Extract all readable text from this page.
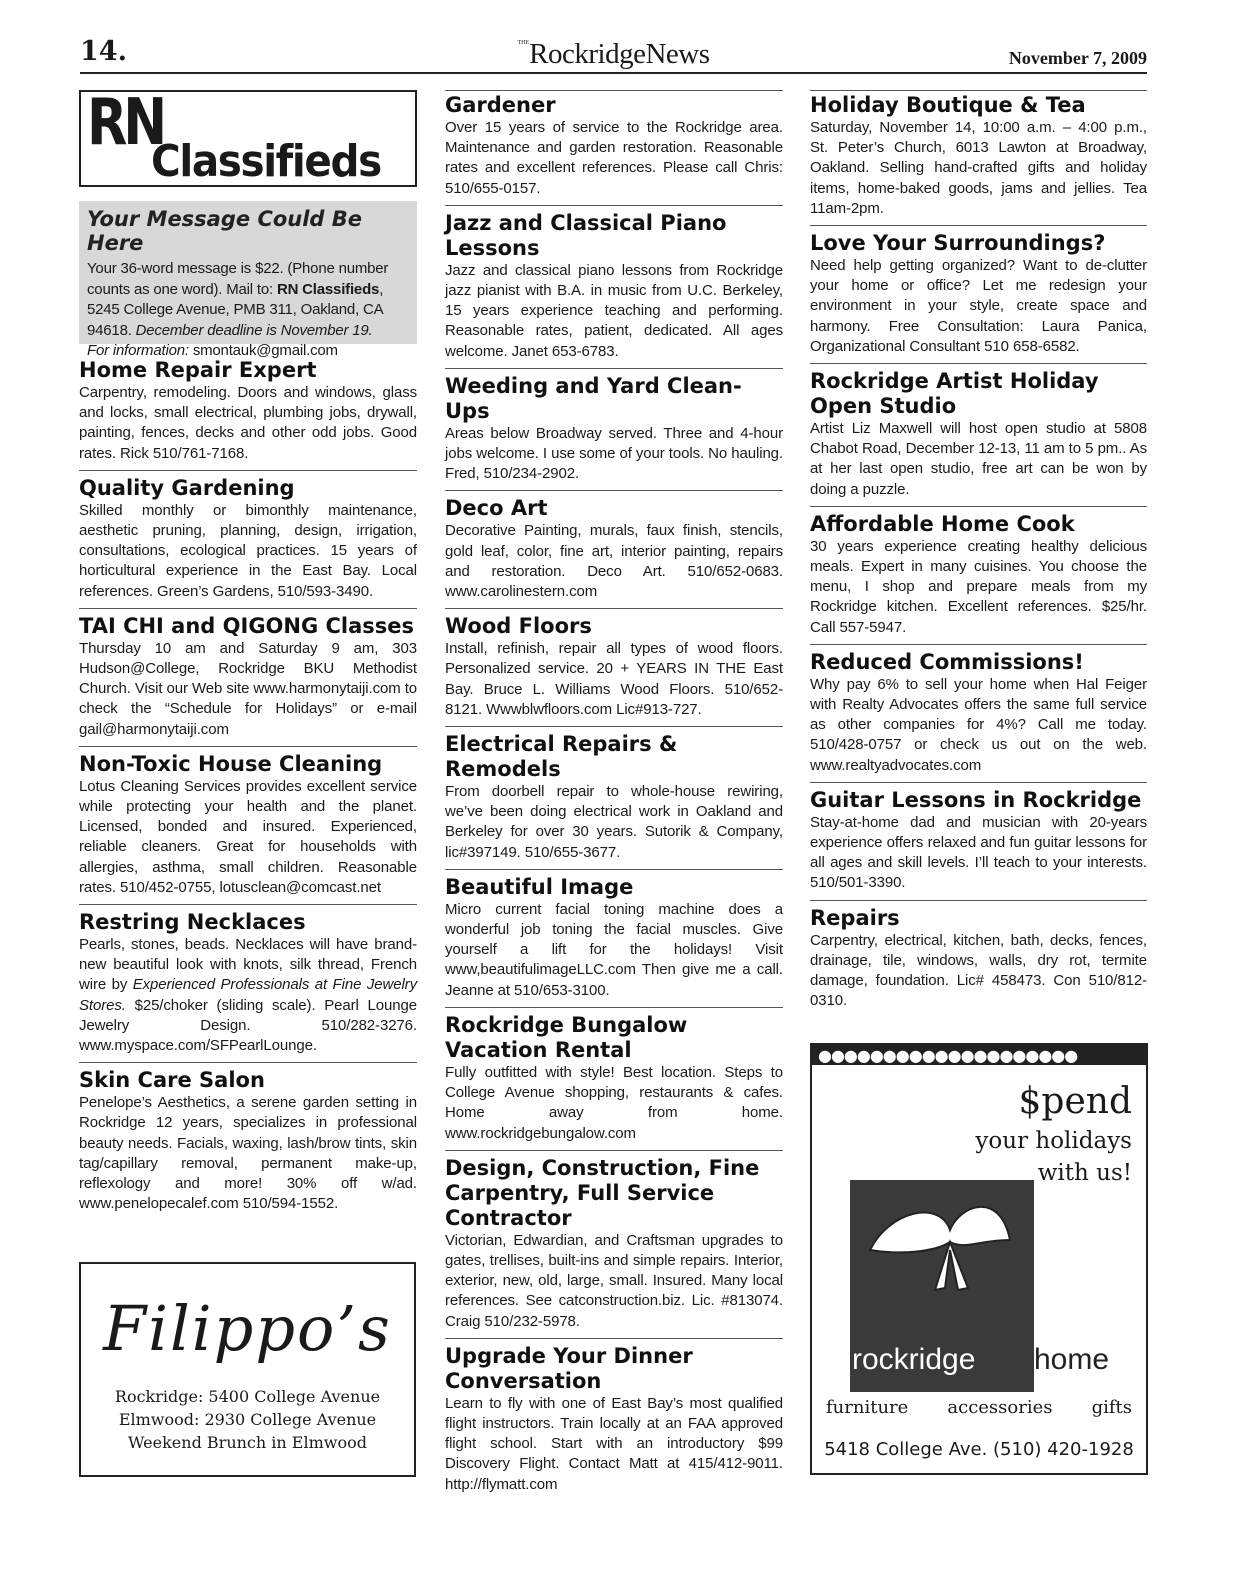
14.	$^{THE}$RockridgeNews	November 7, 2009
RN
Classifieds
Your Message Could Be Here
Your 36-word message is $22. (Phone number counts as one word). Mail to: RN Classifieds, 5245 College Avenue, PMB 311, Oakland, CA 94618. December deadline is November 19.
For information: smontauk@gmail.com
Home Repair Expert
Carpentry, remodeling. Doors and windows, glass and locks, small electrical, plumbing jobs, drywall, painting, fences, decks and other odd jobs. Good rates. Rick 510/761-7168.
Quality Gardening
Skilled monthly or bimonthly maintenance, aesthetic pruning, planning, design, irrigation, consultations, ecological practices. 15 years of horticultural experience in the East Bay. Local references. Green’s Gardens, 510/593-3490.
TAI CHI and QIGONG Classes
Thursday 10 am and Saturday 9 am, 303 Hudson@College, Rockridge BKU Methodist Church. Visit our Web site www.harmonytaiji.com to check the “Schedule for Holidays” or e-mail gail@harmonytaiji.com
Non-Toxic House Cleaning
Lotus Cleaning Services provides excellent service while protecting your health and the planet. Licensed, bonded and insured. Experienced, reliable cleaners. Great for households with allergies, asthma, small children. Reasonable rates. 510/452-0755, lotusclean@comcast.net
Restring Necklaces
Pearls, stones, beads. Necklaces will have brand-new beautiful look with knots, silk thread, French wire by Experienced Professionals at Fine Jewelry Stores. $25/choker (sliding scale). Pearl Lounge Jewelry Design. 510/282-3276. www.myspace.com/SFPearlLounge.
Skin Care Salon
Penelope’s Aesthetics, a serene garden setting in Rockridge 12 years, specializes in professional beauty needs. Facials, waxing, lash/brow tints, skin tag/capillary removal, permanent make-up, reflexology and more! 30% off w/ad. www.penelopecalef.com 510/594-1552.
Filippo’s
Rockridge: 5400 College Avenue
Elmwood: 2930 College Avenue
Weekend Brunch in Elmwood
Gardener
Over 15 years of service to the Rockridge area. Maintenance and garden restoration. Reasonable rates and excellent references. Please call Chris: 510/655-0157.
Jazz and Classical Piano Lessons
Jazz and classical piano lessons from Rockridge jazz pianist with B.A. in music from U.C. Berkeley, 15 years experience teaching and performing. Reasonable rates, patient, dedicated. All ages welcome. Janet 653-6783.
Weeding and Yard Clean-Ups
Areas below Broadway served. Three and 4-hour jobs welcome. I use some of your tools. No hauling. Fred, 510/234-2902.
Deco Art
Decorative Painting, murals, faux finish, stencils, gold leaf, color, fine art, interior painting, repairs and restoration. Deco Art. 510/652-0683. www.carolinestern.com
Wood Floors
Install, refinish, repair all types of wood floors. Personalized service. 20 + YEARS IN THE East Bay. Bruce L. Williams Wood Floors. 510/652-8121. Wwwblwfloors.com Lic#913-727.
Electrical Repairs & Remodels
From doorbell repair to whole-house rewiring, we’ve been doing electrical work in Oakland and Berkeley for over 30 years. Sutorik & Company, lic#397149. 510/655-3677.
Beautiful Image
Micro current facial toning machine does a wonderful job toning the facial muscles. Give yourself a lift for the holidays! Visit www,beautifulimageLLC.com Then give me a call. Jeanne at 510/653-3100.
Rockridge Bungalow Vacation Rental
Fully outfitted with style! Best location. Steps to College Avenue shopping, restaurants & cafes. Home away from home. www.rockridgebungalow.com
Design, Construction, Fine Carpentry, Full Service Contractor
Victorian, Edwardian, and Craftsman upgrades to gates, trellises, built-ins and simple repairs. Interior, exterior, new, old, large, small. Insured. Many local references. See catconstruction.biz. Lic. #813074. Craig 510/232-5978.
Upgrade Your Dinner Conversation
Learn to fly with one of East Bay’s most qualified flight instructors. Train locally at an FAA approved flight school. Start with an introductory $99 Discovery Flight. Contact Matt at 415/412-9011. http://flymatt.com
Holiday Boutique & Tea
Saturday, November 14, 10:00 a.m. – 4:00 p.m., St. Peter’s Church, 6013 Lawton at Broadway, Oakland. Selling hand-crafted gifts and holiday items, home-baked goods, jams and jellies. Tea 11am-2pm.
Love Your Surroundings?
Need help getting organized? Want to de-clutter your home or office? Let me redesign your environment in your style, create space and harmony. Free Consultation: Laura Panica, Organizational Consultant 510 658-6582.
Rockridge Artist Holiday Open Studio
Artist Liz Maxwell will host open studio at 5808 Chabot Road, December 12-13, 11 am to 5 pm.. As at her last open studio, free art can be won by doing a puzzle.
Affordable Home Cook
30 years experience creating healthy delicious meals. Expert in many cuisines. You choose the menu, I shop and prepare meals from my Rockridge kitchen. Excellent references. $25/hr. Call 557-5947.
Reduced Commissions!
Why pay 6% to sell your home when Hal Feiger with Realty Advocates offers the same full service as other companies for 4%? Call me today. 510/428-0757 or check us out on the web. www.realtyadvocates.com
Guitar Lessons in Rockridge
Stay-at-home dad and musician with 20-years experience offers relaxed and fun guitar lessons for all ages and skill levels. I’ll teach to your interests. 510/501-3390.
Repairs
Carpentry, electrical, kitchen, bath, decks, fences, drainage, tile, windows, walls, dry rot, termite damage, foundation. Lic# 458473. Con 510/812-0310.
●●●●●●●●●●●●●●●●●●●●
$pend
your holidays
with us!
rockridge home
furniture accessories gifts
5418 College Ave. (510) 420-1928
